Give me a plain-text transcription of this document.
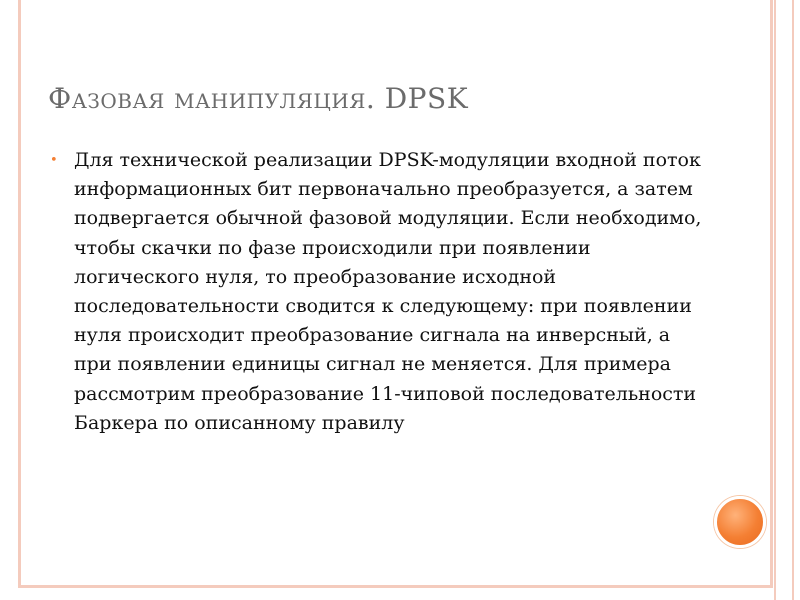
Фазовая манипуляция. DPSK
• Для технической реализации DPSK-модуляции входной поток информационных бит первоначально преобразуется, а затем подвергается обычной фазовой модуляции. Если необходимо, чтобы скачки по фазе происходили при появлении логического нуля, то преобразование исходной последовательности сводится к следующему: при появлении нуля происходит преобразование сигнала на инверсный, а при появлении единицы сигнал не меняется. Для примера рассмотрим преобразование 11-чиповой последовательности Баркера по описанному правилу
